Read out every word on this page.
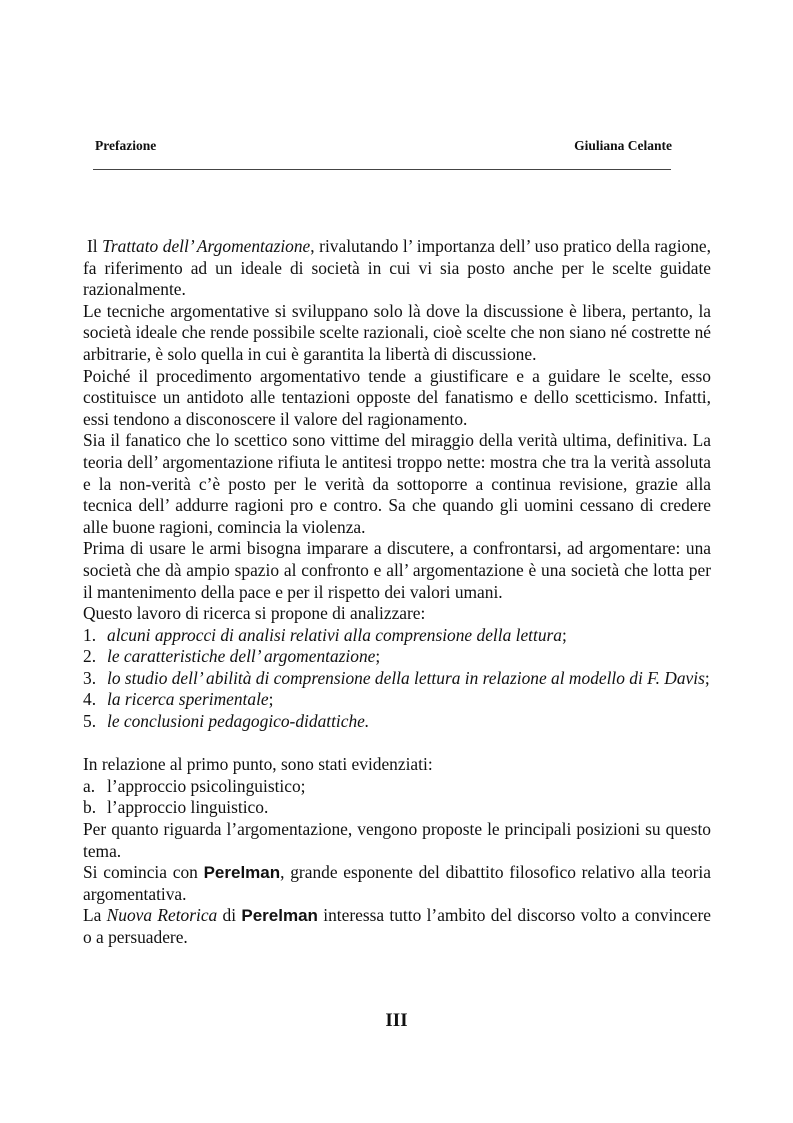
Prefazione	Giuliana Celante

Il Trattato dell’ Argomentazione, rivalutando l’ importanza dell’ uso pratico della ragione, fa riferimento ad un ideale di società in cui vi sia posto anche per le scelte guidate razionalmente.

Le tecniche argomentative si sviluppano solo là dove la discussione è libera, pertanto, la società ideale che rende possibile scelte razionali, cioè scelte che non siano né costrette né arbitrarie, è solo quella in cui è garantita la libertà di discussione.

Poiché il procedimento argomentativo tende a giustificare e a guidare le scelte, esso costituisce un antidoto alle tentazioni opposte del fanatismo e dello scetticismo. Infatti, essi tendono a disconoscere il valore del ragionamento.

Sia il fanatico che lo scettico sono vittime del miraggio della verità ultima, definitiva. La teoria dell’ argomentazione rifiuta le antitesi troppo nette: mostra che tra la verità assoluta e la non-verità c’è posto per le verità da sottoporre a continua revisione, grazie alla tecnica dell’ addurre ragioni pro e contro. Sa che quando gli uomini cessano di credere alle buone ragioni, comincia la violenza.

Prima di usare le armi bisogna imparare a discutere, a confrontarsi, ad argomentare: una società che dà ampio spazio al confronto e all’ argomentazione è una società che lotta per il mantenimento della pace e per il rispetto dei valori umani.

Questo lavoro di ricerca si propone di analizzare:

1. alcuni approcci di analisi relativi alla comprensione della lettura;
2. le caratteristiche dell’ argomentazione;
3. lo studio dell’ abilità di comprensione della lettura in relazione al modello di F. Davis;
4. la ricerca sperimentale;
5. le conclusioni pedagogico-didattiche.

In relazione al primo punto, sono stati evidenziati:

a. l’approccio psicolinguistico;
b. l’approccio linguistico.

Per quanto riguarda l’argomentazione, vengono proposte le principali posizioni su questo tema.

Si comincia con Perelman, grande esponente del dibattito filosofico relativo alla teoria argomentativa.

La Nuova Retorica di Perelman interessa tutto l’ambito del discorso volto a convincere o a persuadere.

III
